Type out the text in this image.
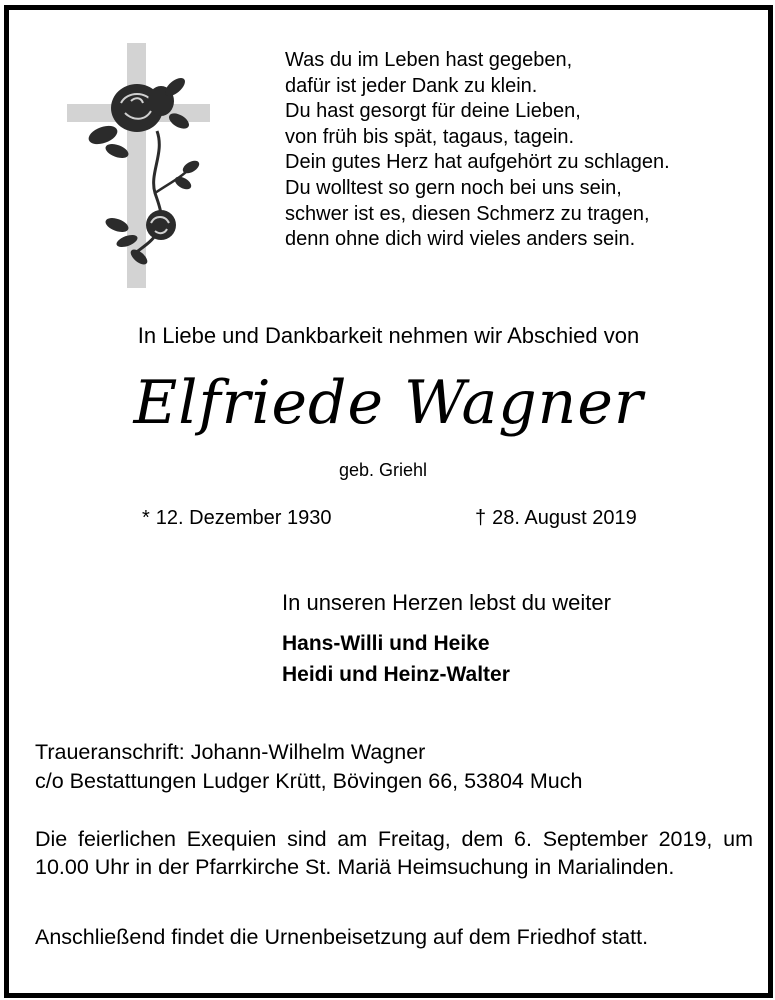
Was du im Leben hast gegeben,
dafür ist jeder Dank zu klein.
Du hast gesorgt für deine Lieben,
von früh bis spät, tagaus, tagein.
Dein gutes Herz hat aufgehört zu schlagen.
Du wolltest so gern noch bei uns sein,
schwer ist es, diesen Schmerz zu tragen,
denn ohne dich wird vieles anders sein.
In Liebe und Dankbarkeit nehmen wir Abschied von
Elfriede Wagner
geb. Griehl
* 12. Dezember 1930	† 28. August 2019
In unseren Herzen lebst du weiter
Hans-Willi und Heike
Heidi und Heinz-Walter
Traueranschrift: Johann-Wilhelm Wagner
c/o Bestattungen Ludger Krütt, Bövingen 66, 53804 Much
Die feierlichen Exequien sind am Freitag, dem 6. September 2019, um 10.00 Uhr in der Pfarrkirche St. Mariä Heimsuchung in Marialinden.
Anschließend findet die Urnenbeisetzung auf dem Friedhof statt.
